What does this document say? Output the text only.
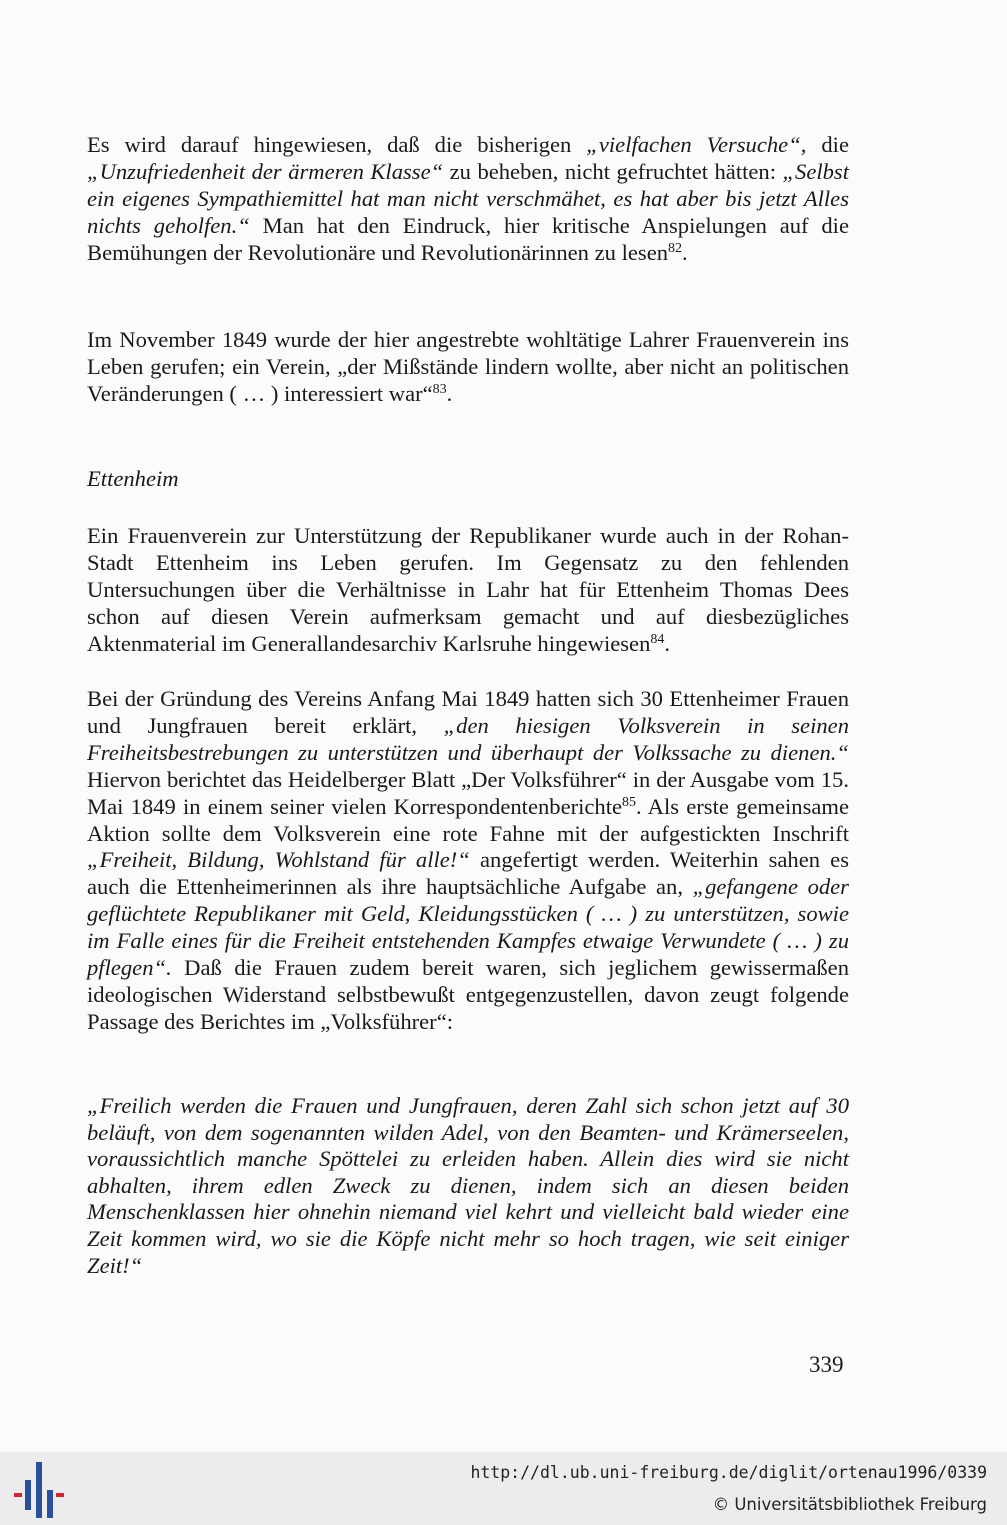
Es wird darauf hingewiesen, daß die bisherigen „vielfachen Versuche“, die „Unzufriedenheit der ärmeren Klasse“ zu beheben, nicht gefruchtet hätten: „Selbst ein eigenes Sympathiemittel hat man nicht verschmähet, es hat aber bis jetzt Alles nichts geholfen.“ Man hat den Eindruck, hier kritische Anspielungen auf die Bemühungen der Revolutionäre und Revolutionärinnen zu lesen$^{82}$.

Im November 1849 wurde der hier angestrebte wohltätige Lahrer Frauenverein ins Leben gerufen; ein Verein, „der Mißstände lindern wollte, aber nicht an politischen Veränderungen ( … ) interessiert war“$^{83}$.

Ettenheim

Ein Frauenverein zur Unterstützung der Republikaner wurde auch in der Rohan-Stadt Ettenheim ins Leben gerufen. Im Gegensatz zu den fehlenden Untersuchungen über die Verhältnisse in Lahr hat für Ettenheim Thomas Dees schon auf diesen Verein aufmerksam gemacht und auf diesbezügliches Aktenmaterial im Generallandesarchiv Karlsruhe hingewiesen$^{84}$.

Bei der Gründung des Vereins Anfang Mai 1849 hatten sich 30 Ettenheimer Frauen und Jungfrauen bereit erklärt, „den hiesigen Volksverein in seinen Freiheitsbestrebungen zu unterstützen und überhaupt der Volkssache zu dienen.“ Hiervon berichtet das Heidelberger Blatt „Der Volksführer“ in der Ausgabe vom 15. Mai 1849 in einem seiner vielen Korrespondentenberichte$^{85}$. Als erste gemeinsame Aktion sollte dem Volksverein eine rote Fahne mit der aufgestickten Inschrift „Freiheit, Bildung, Wohlstand für alle!“ angefertigt werden. Weiterhin sahen es auch die Ettenheimerinnen als ihre hauptsächliche Aufgabe an, „gefangene oder geflüchtete Republikaner mit Geld, Kleidungsstücken ( … ) zu unterstützen, sowie im Falle eines für die Freiheit entstehenden Kampfes etwaige Verwundete ( … ) zu pflegen“. Daß die Frauen zudem bereit waren, sich jeglichem gewissermaßen ideologischen Widerstand selbstbewußt entgegenzustellen, davon zeugt folgende Passage des Berichtes im „Volksführer“:

„Freilich werden die Frauen und Jungfrauen, deren Zahl sich schon jetzt auf 30 beläuft, von dem sogenannten wilden Adel, von den Beamten- und Krämerseelen, voraussichtlich manche Spöttelei zu erleiden haben. Allein dies wird sie nicht abhalten, ihrem edlen Zweck zu dienen, indem sich an diesen beiden Menschenklassen hier ohnehin niemand viel kehrt und vielleicht bald wieder eine Zeit kommen wird, wo sie die Köpfe nicht mehr so hoch tragen, wie seit einiger Zeit!“

339
http://dl.ub.uni-freiburg.de/diglit/ortenau1996/0339
© Universitätsbibliothek Freiburg
